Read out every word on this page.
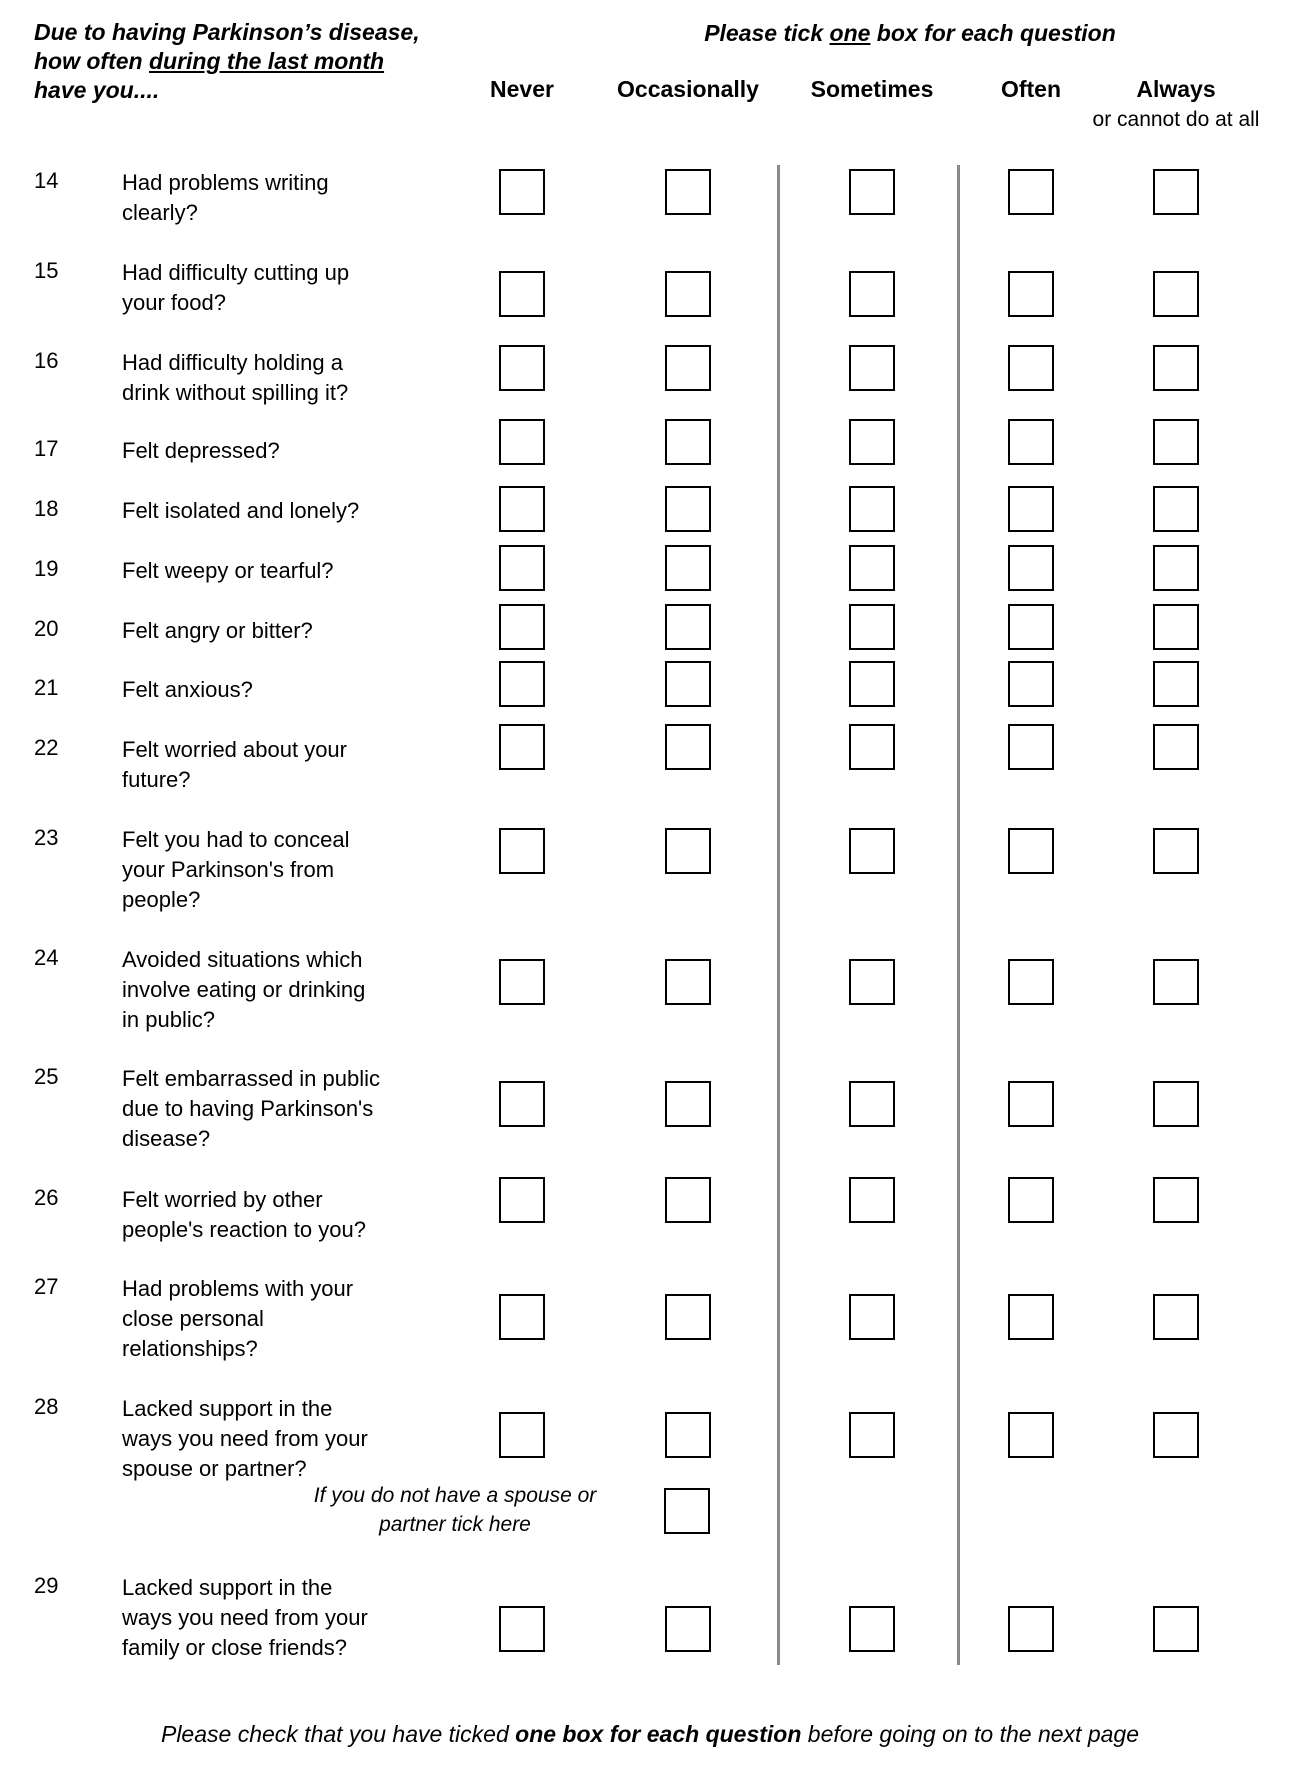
Due to having Parkinson’s disease,
how often during the last month
have you....
Please tick one box for each question
Never	Occasionally	Sometimes	Often	Always
or cannot do at all
14	Had problems writing
clearly?
15	Had difficulty cutting up
your food?
16	Had difficulty holding a
drink without spilling it?
17	Felt depressed?
18	Felt isolated and lonely?
19	Felt weepy or tearful?
20	Felt angry or bitter?
21	Felt anxious?
22	Felt worried about your
future?
23	Felt you had to conceal
your Parkinson's from
people?
24	Avoided situations which
involve eating or drinking
in public?
25	Felt embarrassed in public
due to having Parkinson's
disease?
26	Felt worried by other
people's reaction to you?
27	Had problems with your
close personal
relationships?
28	Lacked support in the
ways you need from your
spouse or partner?
29	Lacked support in the
ways you need from your
family or close friends?
If you do not have a spouse or
partner tick here
Please check that you have ticked one box for each question before going on to the next page
